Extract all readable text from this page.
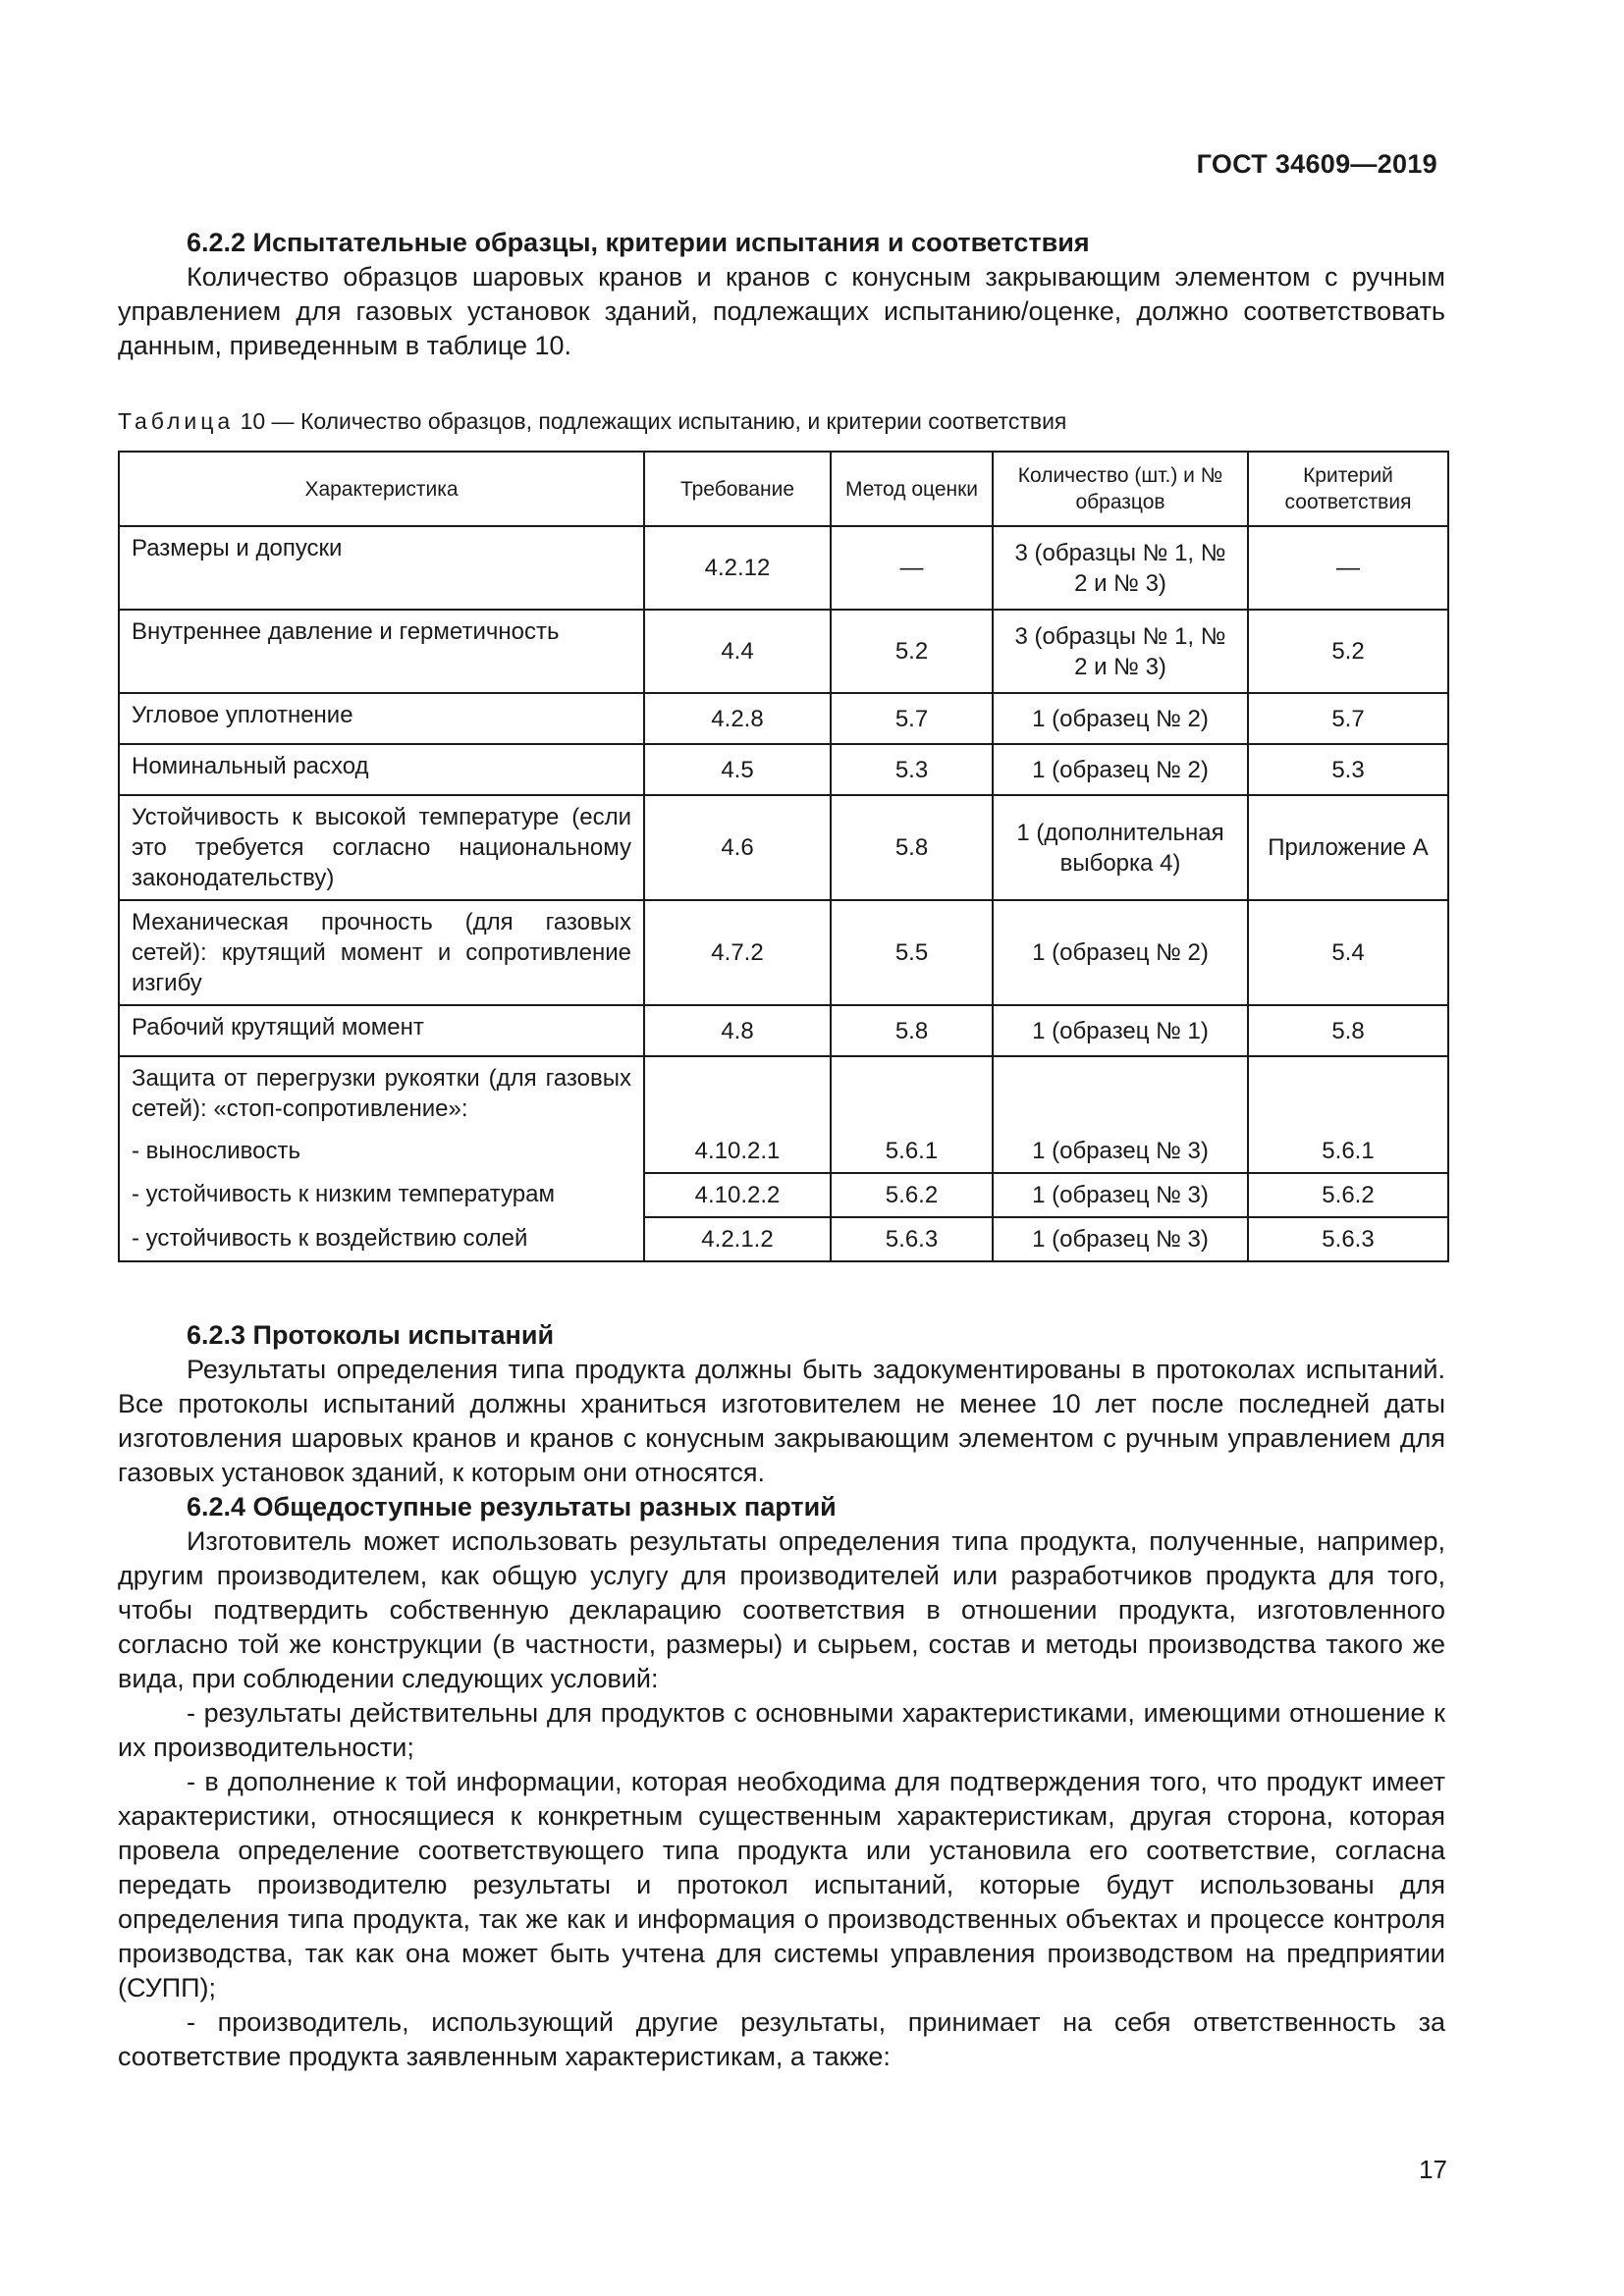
ГОСТ 34609—2019
6.2.2 Испытательные образцы, критерии испытания и соответствия

Количество образцов шаровых кранов и кранов с конусным закрывающим элементом с ручным управлением для газовых установок зданий, подлежащих испытанию/оценке, должно соответствовать данным, приведенным в таблице 10.

Таблица 10 — Количество образцов, подлежащих испытанию, и критерии соответствия
Характеристика	Требование	Метод оценки	Количество (шт.) и № образцов	Критерий соответствия
Размеры и допуски	4.2.12	—	3 (образцы № 1, № 2 и № 3)	—
Внутреннее давление и герметичность	4.4	5.2	3 (образцы № 1, № 2 и № 3)	5.2
Угловое уплотнение	4.2.8	5.7	1 (образец № 2)	5.7
Номинальный расход	4.5	5.3	1 (образец № 2)	5.3
Устойчивость к высокой температуре (если это требуется согласно национальному законодательству)	4.6	5.8	1 (дополнительная выборка 4)	Приложение А
Механическая прочность (для газовых сетей): крутящий момент и сопротивление изгибу	4.7.2	5.5	1 (образец № 2)	5.4
Рабочий крутящий момент	4.8	5.8	1 (образец № 1)	5.8
Защита от перегрузки рукоятки (для газовых сетей): «стоп-сопротивление»:				
- выносливость	4.10.2.1	5.6.1	1 (образец № 3)	5.6.1
- устойчивость к низким температурам	4.10.2.2	5.6.2	1 (образец № 3)	5.6.2
- устойчивость к воздействию солей	4.2.1.2	5.6.3	1 (образец № 3)	5.6.3
6.2.3 Протоколы испытаний

Результаты определения типа продукта должны быть задокументированы в протоколах испытаний. Все протоколы испытаний должны храниться изготовителем не менее 10 лет после последней даты изготовления шаровых кранов и кранов с конусным закрывающим элементом с ручным управлением для газовых установок зданий, к которым они относятся.

6.2.4 Общедоступные результаты разных партий

Изготовитель может использовать результаты определения типа продукта, полученные, например, другим производителем, как общую услугу для производителей или разработчиков продукта для того, чтобы подтвердить собственную декларацию соответствия в отношении продукта, изготовленного согласно той же конструкции (в частности, размеры) и сырьем, состав и методы производства такого же вида, при соблюдении следующих условий:

- результаты действительны для продуктов с основными характеристиками, имеющими отношение к их производительности;

- в дополнение к той информации, которая необходима для подтверждения того, что продукт имеет характеристики, относящиеся к конкретным существенным характеристикам, другая сторона, которая провела определение соответствующего типа продукта или установила его соответствие, согласна передать производителю результаты и протокол испытаний, которые будут использованы для определения типа продукта, так же как и информация о производственных объектах и процессе контроля производства, так как она может быть учтена для системы управления производством на предприятии (СУПП);

- производитель, использующий другие результаты, принимает на себя ответственность за соответствие продукта заявленным характеристикам, а также:

17
